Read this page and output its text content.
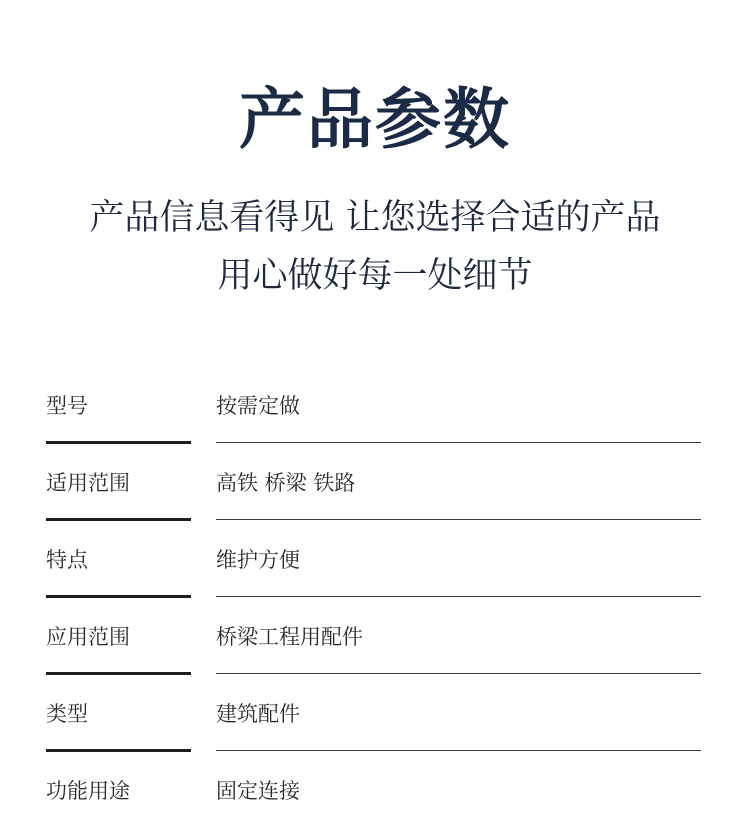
产品参数
产品信息看得见 让您选择合适的产品
用心做好每一处细节
型号	按需定做
适用范围	高铁 桥梁 铁路
特点	维护方便
应用范围	桥梁工程用配件
类型	建筑配件
功能用途	固定连接
